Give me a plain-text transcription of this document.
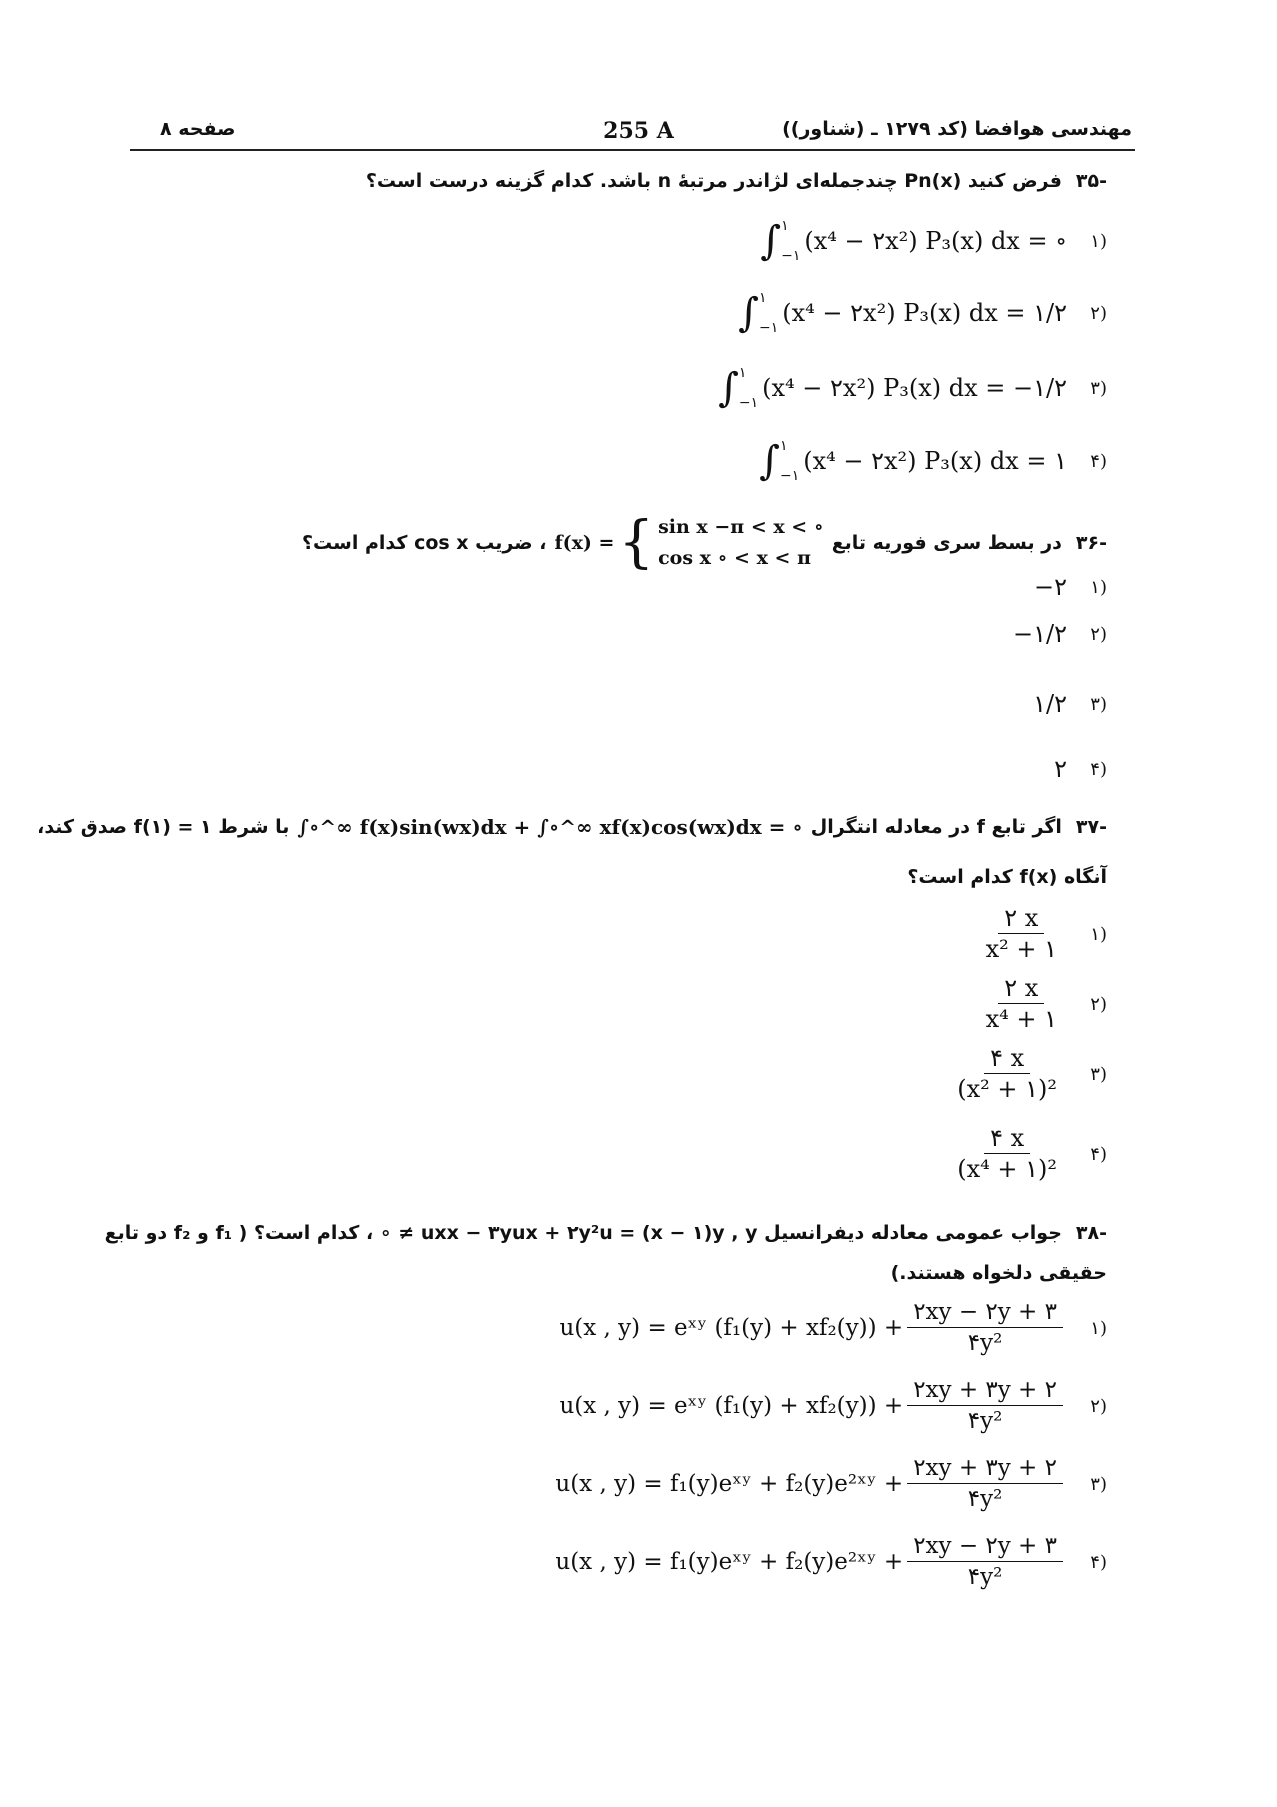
مهندسی هوافضا (کد ۱۲۷۹ ـ (شناور))
255 A
صفحه ۸
-۳۵فرض کنید Pn(x) چندجمله‌ای لژاندر مرتبهٔ n باشد. کدام گزینه درست است؟
∫ ۱
−۱
(x⁴ − ۲x²) P₃(x) dx
= ∘	۱)
∫ ۱
−۱
(x⁴ − ۲x²) P₃(x) dx
= ۱/۲	۲)
∫ ۱
−۱
(x⁴ − ۲x²) P₃(x) dx
= −۱/۲	۳)
∫ ۱
−۱
(x⁴ − ۲x²) P₃(x) dx
= ۱	۴)
-۳۶
در بسط سری فوریه تابع
f(x) = { sin x −π < x < ∘
cos x ∘ < x < π
، ضریب cos x کدام است؟
−۲	۱)
−۱/۲	۲)
۱/۲	۳)
۲	۴)
-۳۷
اگر تابع f در معادله انتگرال
∫∘^∞ f(x)sin(wx)dx + ∫∘^∞ xf(x)cos(wx)dx = ∘
با شرط f(۱) = ۱ صدق کند،
آنگاه f(x) کدام است؟
$\frac{۲ x}{\text{x² + ۱}}$	۱)
$\frac{۲ x}{\text{x⁴ + ۱}}$	۲)
$\frac{۴ x}{\text{(x² + ۱)²}}$	۳)
$\frac{۴ x}{\text{(x⁴ + ۱)²}}$	۴)
-۳۸جواب عمومی معادله دیفرانسیل uxx − ۳yux + ۲y²u = (x − ۱)y , y ≠ ∘ ، کدام است؟ ( f₁ و f₂ دو تابع
حقیقی دلخواه هستند.)
u(x , y) = eˣʸ $(f_1(y) + xf_2(y)) + \frac{۲xy - ۲y + ۳}{\text{۴y²}}$	۱)
u(x , y) = eˣʸ $(f_1(y) + xf_2(y)) + \frac{۲xy + ۳y + ۲}{\text{۴y²}}$	۲)
u(x , y) = f₁(y)eˣʸ + f₂(y)e²ˣʸ + $\frac{۲xy + ۳y + ۲}{\text{۴y²}}$	۳)
u(x , y) = f₁(y)eˣʸ + f₂(y)e²ˣʸ + $\frac{۲xy - ۲y + ۳}{\text{۴y²}}$	۴)
